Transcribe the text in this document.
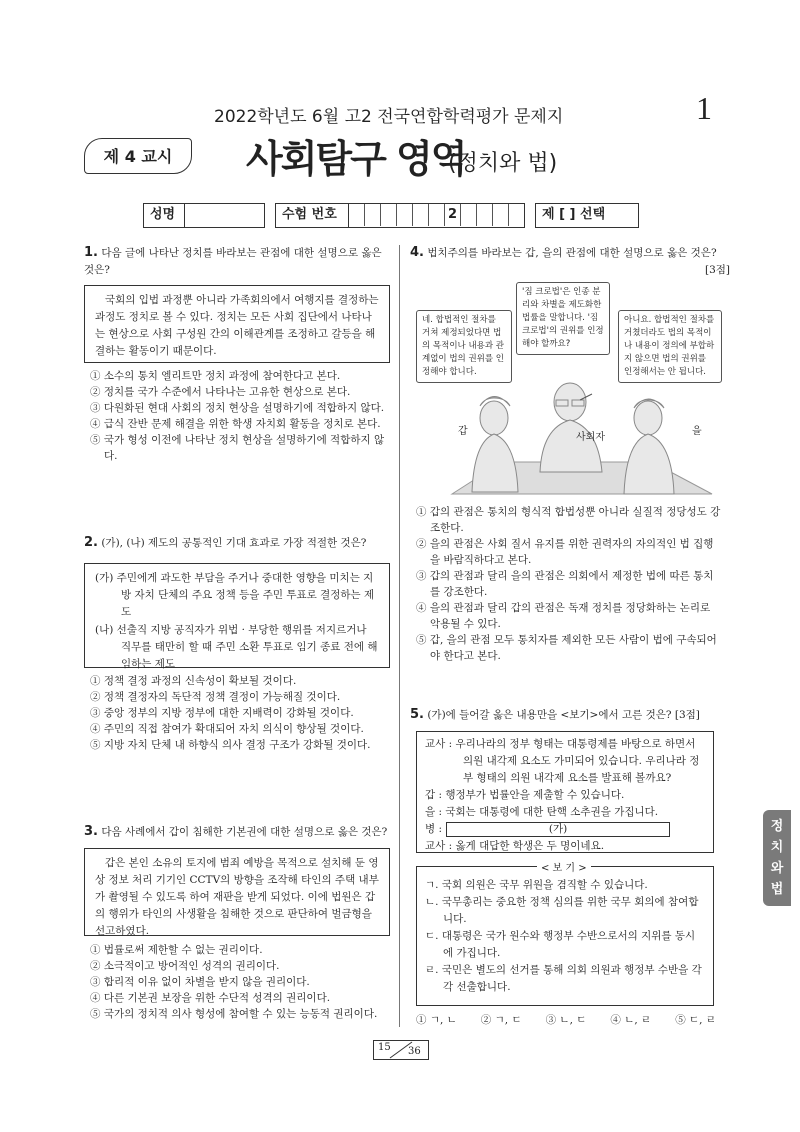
2022학년도 6월 고2 전국연합학력평가 문제지	1
제 4 교시	사회탐구 영역
(정치와 법)
성명	수험 번호	2	제 [ ] 선택
1. 다음 글에 나타난 정치를 바라보는 관점에 대한 설명으로 옳은 것은?
국회의 입법 과정뿐 아니라 가족회의에서 여행지를 결정하는 과정도 정치로 볼 수 있다. 정치는 모든 사회 집단에서 나타나는 현상으로 사회 구성원 간의 이해관계를 조정하고 갈등을 해결하는 활동이기 때문이다.
① 소수의 통치 엘리트만 정치 과정에 참여한다고 본다.
② 정치를 국가 수준에서 나타나는 고유한 현상으로 본다.
③ 다원화된 현대 사회의 정치 현상을 설명하기에 적합하지 않다.
④ 급식 잔반 문제 해결을 위한 학생 자치회 활동을 정치로 본다.
⑤ 국가 형성 이전에 나타난 정치 현상을 설명하기에 적합하지 않다.
2. (가), (나) 제도의 공통적인 기대 효과로 가장 적절한 것은?
(가) 주민에게 과도한 부담을 주거나 중대한 영향을 미치는 지방 자치 단체의 주요 정책 등을 주민 투표로 결정하는 제도
(나) 선출직 지방 공직자가 위법 · 부당한 행위를 저지르거나 직무를 태만히 할 때 주민 소환 투표로 임기 종료 전에 해임하는 제도
① 정책 결정 과정의 신속성이 확보될 것이다.
② 정책 결정자의 독단적 정책 결정이 가능해질 것이다.
③ 중앙 정부의 지방 정부에 대한 지배력이 강화될 것이다.
④ 주민의 직접 참여가 확대되어 자치 의식이 향상될 것이다.
⑤ 지방 자치 단체 내 하향식 의사 결정 구조가 강화될 것이다.
3. 다음 사례에서 갑이 침해한 기본권에 대한 설명으로 옳은 것은?
갑은 본인 소유의 토지에 범죄 예방을 목적으로 설치해 둔 영상 정보 처리 기기인 CCTV의 방향을 조작해 타인의 주택 내부가 촬영될 수 있도록 하여 재판을 받게 되었다. 이에 법원은 갑의 행위가 타인의 사생활을 침해한 것으로 판단하여 벌금형을 선고하였다.
① 법률로써 제한할 수 없는 권리이다.
② 소극적이고 방어적인 성격의 권리이다.
③ 합리적 이유 없이 차별을 받지 않을 권리이다.
④ 다른 기본권 보장을 위한 수단적 성격의 권리이다.
⑤ 국가의 정치적 의사 형성에 참여할 수 있는 능동적 권리이다.
4. 법치주의를 바라보는 갑, 을의 관점에 대한 설명으로 옳은 것은?
[3점]
'짐 크로법'은 인종 분리와 차별을 제도화한 법률을 말합니다. '짐 크로법'의 권위를 인정해야 할까요?
네. 합법적인 절차를 거쳐 제정되었다면 법의 목적이나 내용과 관계없이 법의 권위를 인정해야 합니다.
아니요. 합법적인 절차를 거쳤더라도 법의 목적이나 내용이 정의에 부합하지 않으면 법의 권위를 인정해서는 안 됩니다.
사회자
갑	을
① 갑의 관점은 통치의 형식적 합법성뿐 아니라 실질적 정당성도 강조한다.
② 을의 관점은 사회 질서 유지를 위한 권력자의 자의적인 법 집행을 바람직하다고 본다.
③ 갑의 관점과 달리 을의 관점은 의회에서 제정한 법에 따른 통치를 강조한다.
④ 을의 관점과 달리 갑의 관점은 독재 정치를 정당화하는 논리로 악용될 수 있다.
⑤ 갑, 을의 관점 모두 통치자를 제외한 모든 사람이 법에 구속되어야 한다고 본다.
5. (가)에 들어갈 옳은 내용만을 <보기>에서 고른 것은? [3점]
교사 : 우리나라의 정부 형태는 대통령제를 바탕으로 하면서 의원 내각제 요소도 가미되어 있습니다. 우리나라 정부 형태의 의원 내각제 요소를 발표해 볼까요?
갑 : 행정부가 법률안을 제출할 수 있습니다.
을 : 국회는 대통령에 대한 탄핵 소추권을 가집니다.
병 :	(가)
교사 : 옳게 대답한 학생은 두 명이네요.
< 보 기 >
ㄱ. 국회 의원은 국무 위원을 겸직할 수 있습니다.
ㄴ. 국무총리는 중요한 정책 심의를 위한 국무 회의에 참여합니다.
ㄷ. 대통령은 국가 원수와 행정부 수반으로서의 지위를 동시에 가집니다.
ㄹ. 국민은 별도의 선거를 통해 의회 의원과 행정부 수반을 각각 선출합니다.
① ㄱ, ㄴ ② ㄱ, ㄷ ③ ㄴ, ㄷ ④ ㄴ, ㄹ ⑤ ㄷ, ㄹ
정
치
와
법
15 36
